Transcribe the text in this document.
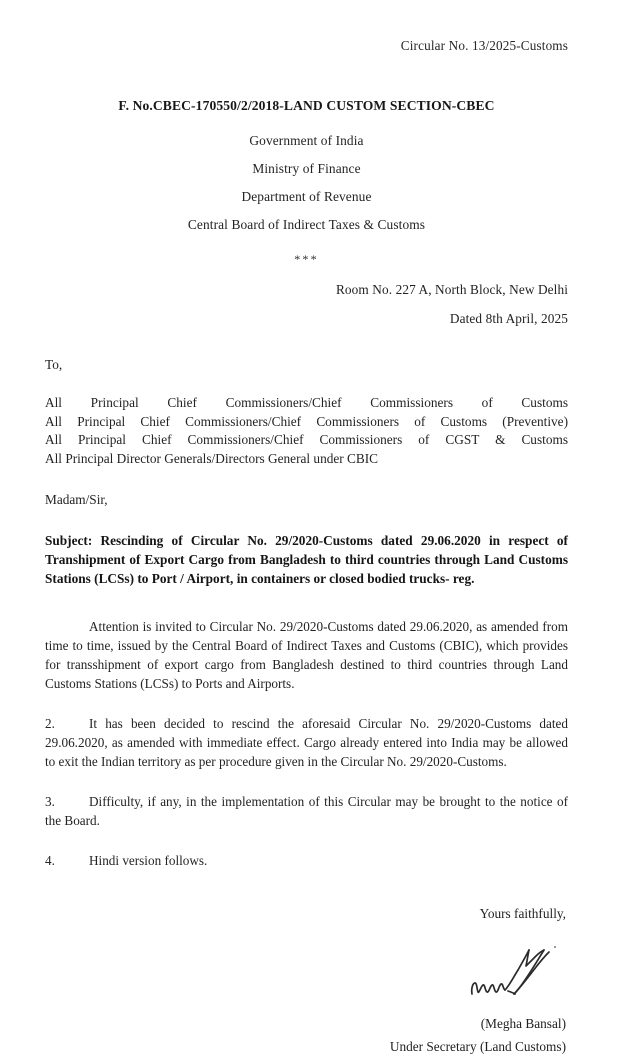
Circular No. 13/2025-Customs
F. No.CBEC-170550/2/2018-LAND CUSTOM SECTION-CBEC
Government of India
Ministry of Finance
Department of Revenue
Central Board of Indirect Taxes & Customs
***
Room No. 227 A, North Block, New Delhi
Dated 8th April, 2025
To,
All Principal Chief Commissioners/Chief Commissioners of Customs
All Principal Chief Commissioners/Chief Commissioners of Customs (Preventive)
All Principal Chief Commissioners/Chief Commissioners of CGST & Customs
All Principal Director Generals/Directors General under CBIC
Madam/Sir,
Subject: Rescinding of Circular No. 29/2020-Customs dated 29.06.2020 in respect of Transhipment of Export Cargo from Bangladesh to third countries through Land Customs Stations (LCSs) to Port / Airport, in containers or closed bodied trucks- reg.
Attention is invited to Circular No. 29/2020-Customs dated 29.06.2020, as amended from time to time, issued by the Central Board of Indirect Taxes and Customs (CBIC), which provides for transshipment of export cargo from Bangladesh destined to third countries through Land Customs Stations (LCSs) to Ports and Airports.
2.	It has been decided to rescind the aforesaid Circular No. 29/2020-Customs dated 29.06.2020, as amended with immediate effect. Cargo already entered into India may be allowed to exit the Indian territory as per procedure given in the Circular No. 29/2020-Customs.
3.	Difficulty, if any, in the implementation of this Circular may be brought to the notice of the Board.
4.	Hindi version follows.
Yours faithfully,
(Megha Bansal)
Under Secretary (Land Customs)
